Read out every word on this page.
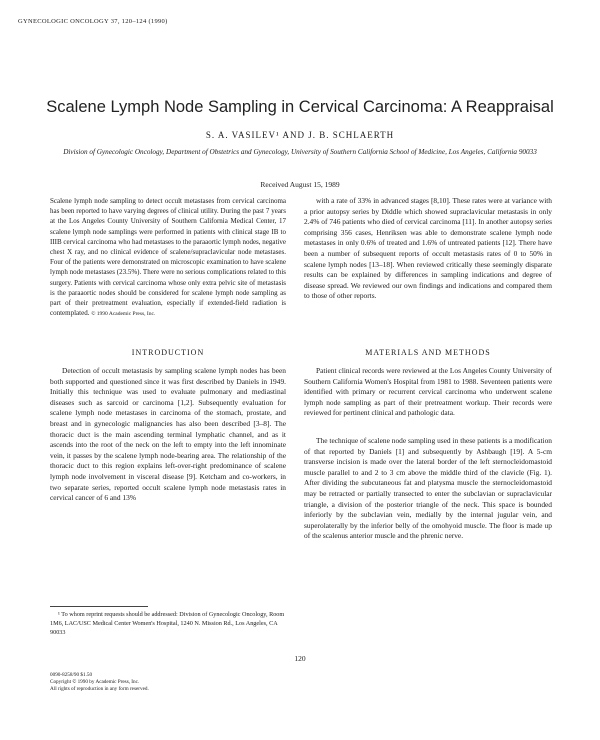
GYNECOLOGIC ONCOLOGY 37, 120–124 (1990)
Scalene Lymph Node Sampling in Cervical Carcinoma: A Reappraisal
S. A. VASILEV¹ AND J. B. SCHLAERTH
Division of Gynecologic Oncology, Department of Obstetrics and Gynecology, University of Southern California School of Medicine, Los Angeles, California 90033
Received August 15, 1989
Scalene lymph node sampling to detect occult metastases from cervical carcinoma has been reported to have varying degrees of clinical utility. During the past 7 years at the Los Angeles County University of Southern California Medical Center, 17 scalene lymph node samplings were performed in patients with clinical stage IB to IIIB cervical carcinoma who had metastases to the paraaortic lymph nodes, negative chest X ray, and no clinical evidence of scalene/supraclavicular node metastases. Four of the patients were demonstrated on microscopic examination to have scalene lymph node metastases (23.5%). There were no serious complications related to this surgery. Patients with cervical carcinoma whose only extra pelvic site of metastasis is the paraaortic nodes should be considered for scalene lymph node sampling as part of their pretreatment evaluation, especially if extended-field radiation is contemplated. © 1990 Academic Press, Inc.
INTRODUCTION

Detection of occult metastasis by sampling scalene lymph nodes has been both supported and questioned since it was first described by Daniels in 1949. Initially this technique was used to evaluate pulmonary and mediastinal diseases such as sarcoid or carcinoma [1,2]. Subsequently evaluation for scalene lymph node metastases in carcinoma of the stomach, prostate, and breast and in gynecologic malignancies has also been described [3–8]. The thoracic duct is the main ascending terminal lymphatic channel, and as it ascends into the root of the neck on the left to empty into the left innominate vein, it passes by the scalene lymph node-bearing area. The relationship of the thoracic duct to this region explains left-over-right predominance of scalene lymph node involvement in visceral disease [9]. Ketcham and co-workers, in two separate series, reported occult scalene lymph node metastasis rates in cervical cancer of 6 and 13%

with a rate of 33% in advanced stages [8,10]. These rates were at variance with a prior autopsy series by Diddle which showed supraclavicular metastasis in only 2.4% of 746 patients who died of cervical carcinoma [11]. In another autopsy series comprising 356 cases, Henriksen was able to demonstrate scalene lymph node metastases in only 0.6% of treated and 1.6% of untreated patients [12]. There have been a number of subsequent reports of occult metastasis rates of 0 to 50% in scalene lymph nodes [13–18]. When reviewed critically these seemingly disparate results can be explained by differences in sampling indications and degree of disease spread. We reviewed our own findings and indications and compared them to those of other reports.

MATERIALS AND METHODS

Patient clinical records were reviewed at the Los Angeles County University of Southern California Women's Hospital from 1981 to 1988. Seventeen patients were identified with primary or recurrent cervical carcinoma who underwent scalene lymph node sampling as part of their pretreatment workup. Their records were reviewed for pertinent clinical and pathologic data.

The technique of scalene node sampling used in these patients is a modification of that reported by Daniels [1] and subsequently by Ashbaugh [19]. A 5-cm transverse incision is made over the lateral border of the left sternocleidomastoid muscle parallel to and 2 to 3 cm above the middle third of the clavicle (Fig. 1). After dividing the subcutaneous fat and platysma muscle the sternocleidomastoid may be retracted or partially transected to enter the subclavian or supraclavicular triangle, a division of the posterior triangle of the neck. This space is bounded inferiorly by the subclavian vein, medially by the internal jugular vein, and superolaterally by the inferior belly of the omohyoid muscle. The floor is made up of the scalenus anterior muscle and the phrenic nerve.

¹ To whom reprint requests should be addressed: Division of Gynecologic Oncology, Room 1M6, LAC/USC Medical Center Women's Hospital, 1240 N. Mission Rd., Los Angeles, CA 90033
120
0090-8258/90 $1.50
Copyright © 1990 by Academic Press, Inc.
All rights of reproduction in any form reserved.
